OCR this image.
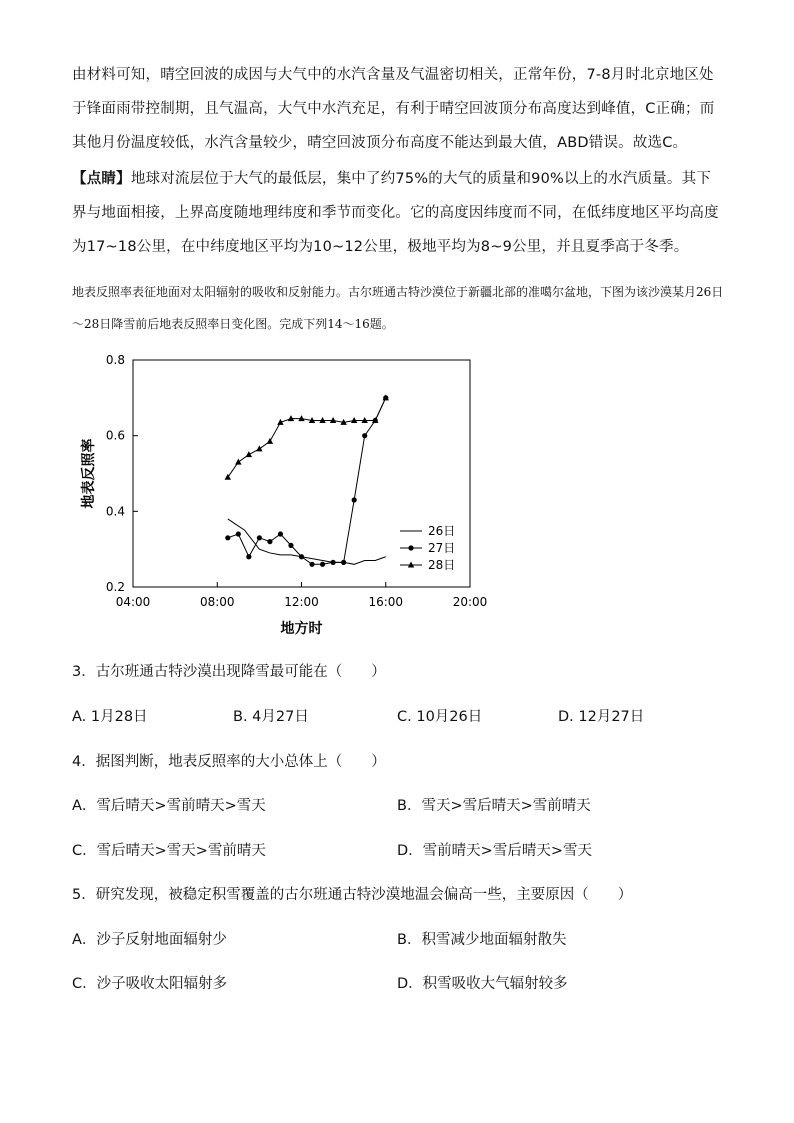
由材料可知，晴空回波的成因与大气中的水汽含量及气温密切相关，正常年份，7-8月时北京地区处于锋面雨带控制期，且气温高，大气中水汽充足，有利于晴空回波顶分布高度达到峰值，C正确；而其他月份温度较低，水汽含量较少，晴空回波顶分布高度不能达到最大值，ABD错误。故选C。
【点睛】地球对流层位于大气的最低层，集中了约75%的大气的质量和90%以上的水汽质量。其下界与地面相接，上界高度随地理纬度和季节而变化。它的高度因纬度而不同，在低纬度地区平均高度为17~18公里，在中纬度地区平均为10~12公里，极地平均为8~9公里，并且夏季高于冬季。
地表反照率表征地面对太阳辐射的吸收和反射能力。古尔班通古特沙漠位于新疆北部的准噶尔盆地，下图为该沙漠某月26日～28日降雪前后地表反照率日变化图。完成下列14～16题。
04:00	08:00	12:00	16:00	20:00
0.2
0.4
0.6
0.8
地方时
地表反照率
26日
27日
28日
3．古尔班通古特沙漠出现降雪最可能在（　　）
A. 1月28日	B. 4月27日	C. 10月26日	D. 12月27日
4．据图判断，地表反照率的大小总体上（　　）
A．雪后晴天>雪前晴天>雪天	B．雪天>雪后晴天>雪前晴天
C．雪后晴天>雪天>雪前晴天	D．雪前晴天>雪后晴天>雪天
5．研究发现，被稳定积雪覆盖的古尔班通古特沙漠地温会偏高一些，主要原因（　　）
A．沙子反射地面辐射少	B．积雪减少地面辐射散失
C．沙子吸收太阳辐射多	D．积雪吸收大气辐射较多
